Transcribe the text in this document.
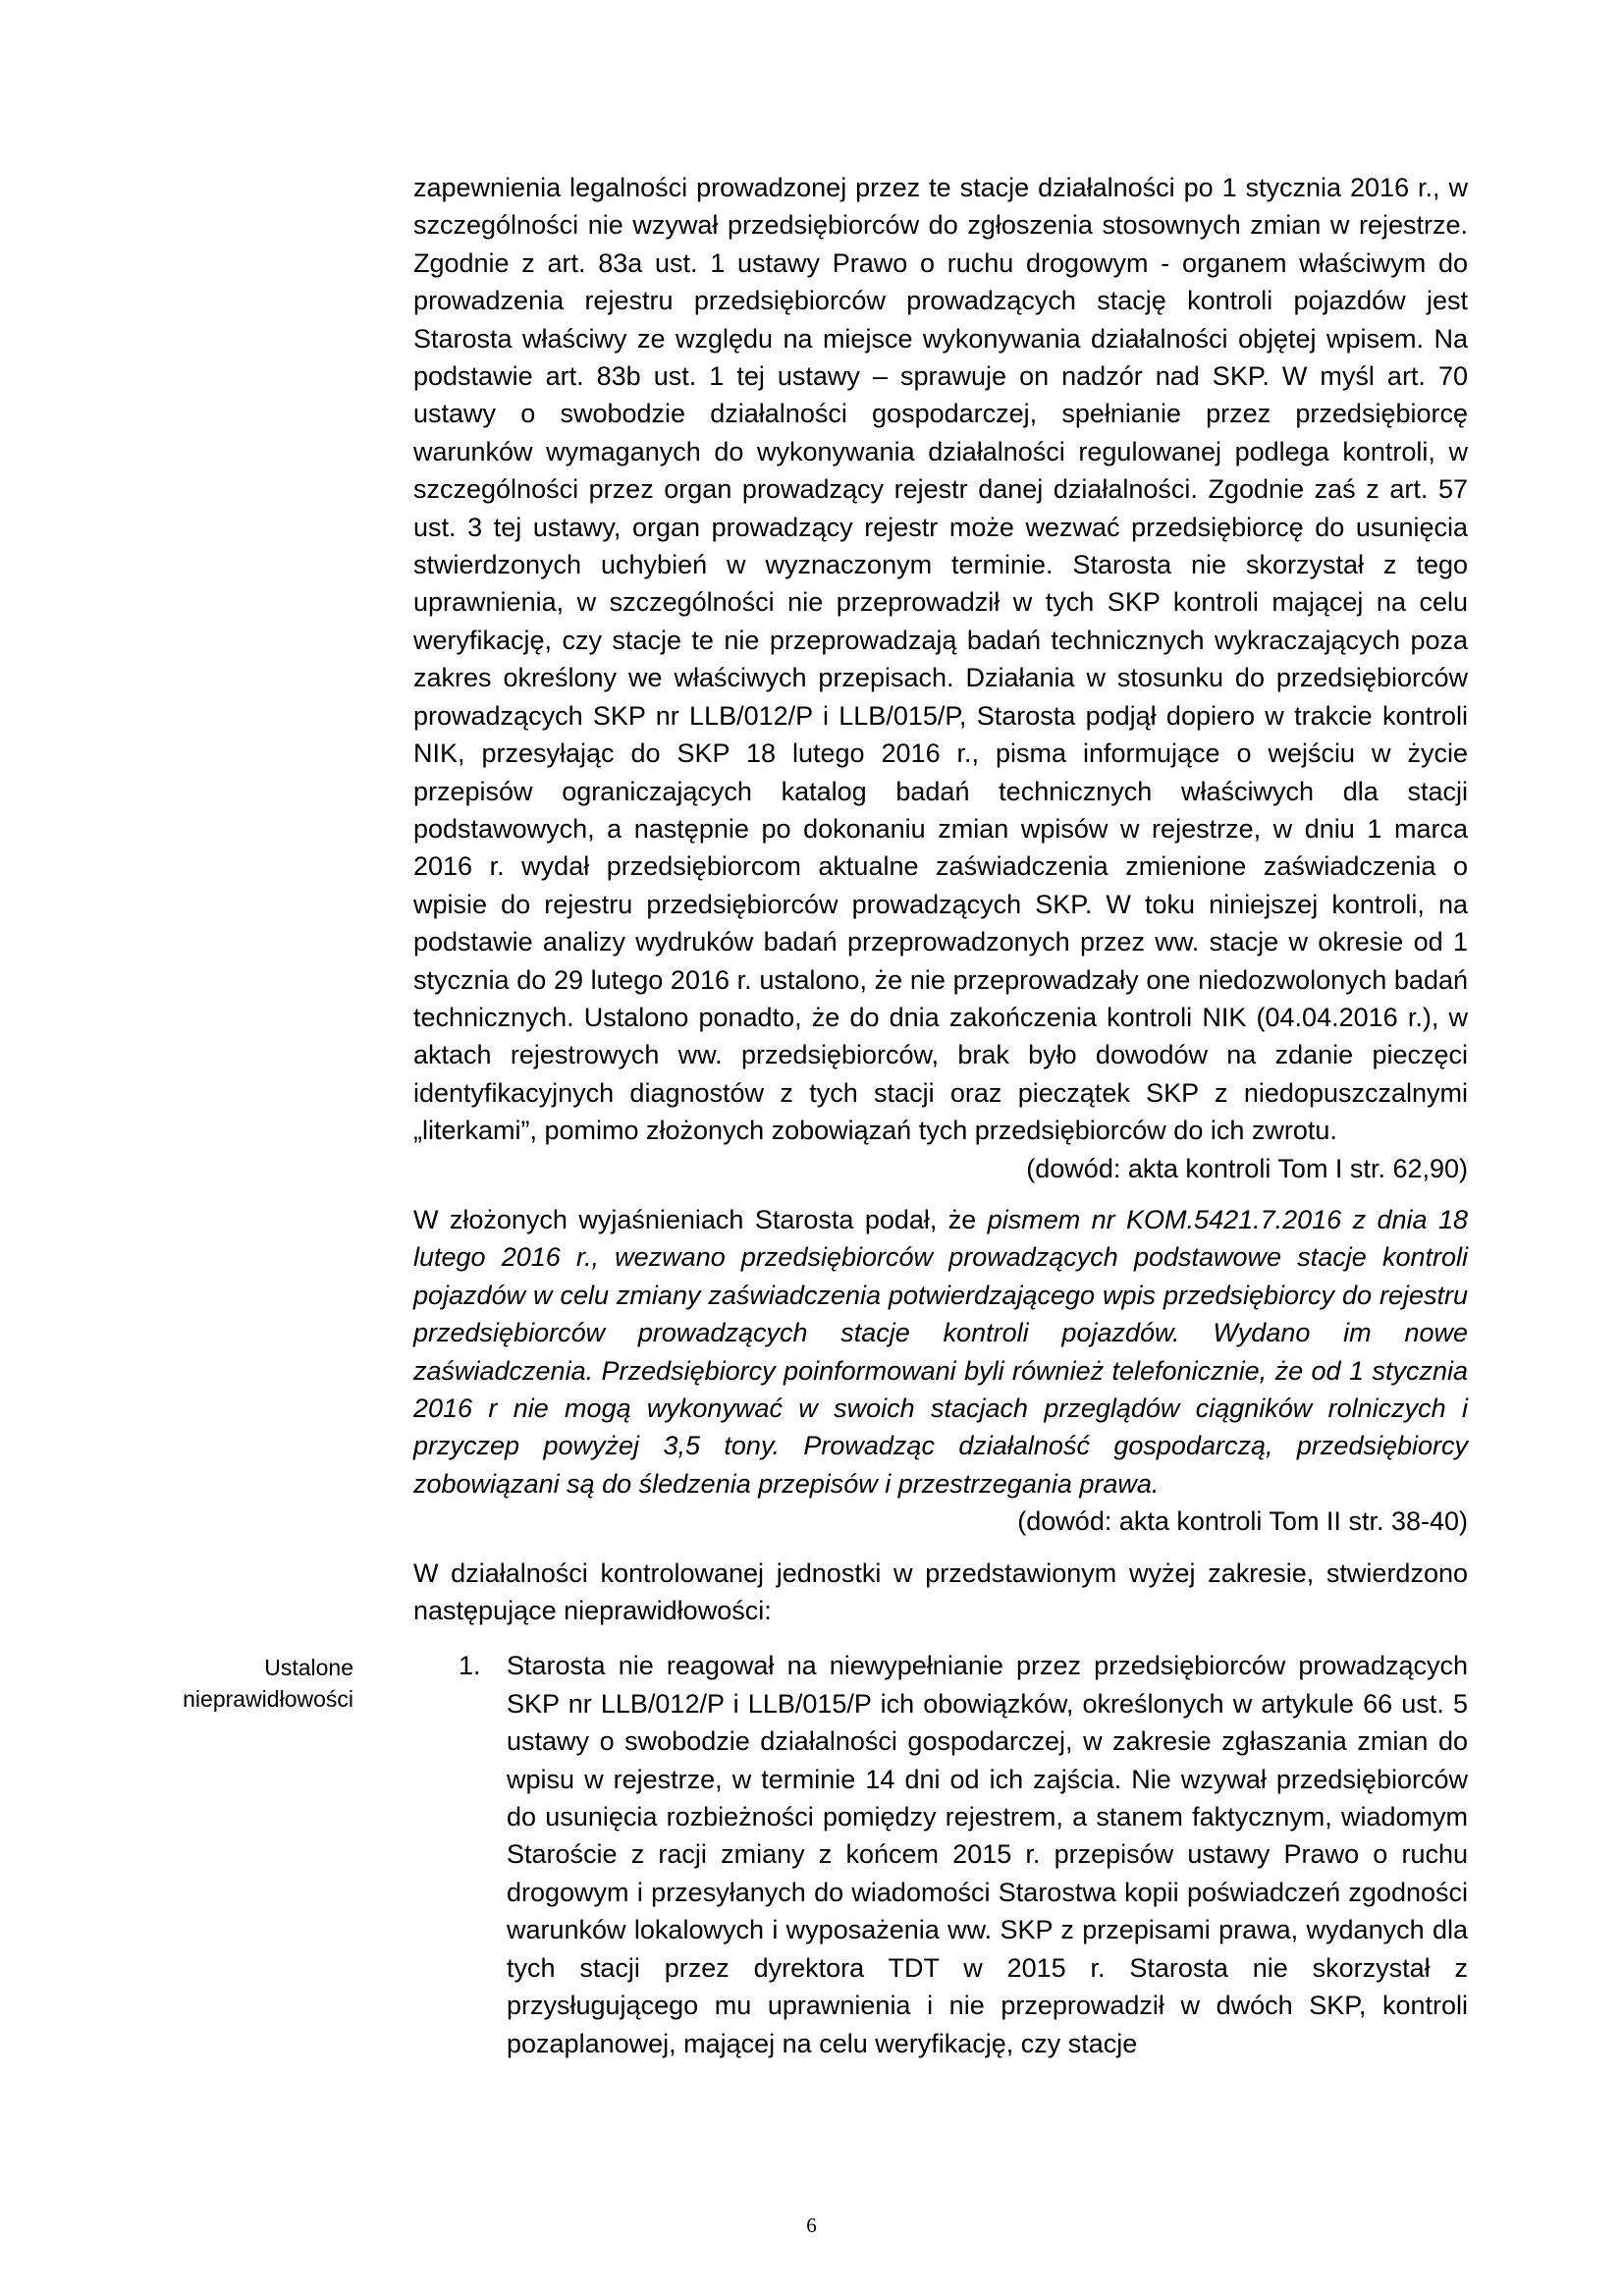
zapewnienia legalności prowadzonej przez te stacje działalności po 1 stycznia 2016 r., w szczególności nie wzywał przedsiębiorców do zgłoszenia stosownych zmian w rejestrze. Zgodnie z art. 83a ust. 1 ustawy Prawo o ruchu drogowym - organem właściwym do prowadzenia rejestru przedsiębiorców prowadzących stację kontroli pojazdów jest Starosta właściwy ze względu na miejsce wykonywania działalności objętej wpisem. Na podstawie art. 83b ust. 1 tej ustawy – sprawuje on nadzór nad SKP. W myśl art. 70 ustawy o swobodzie działalności gospodarczej, spełnianie przez przedsiębiorcę warunków wymaganych do wykonywania działalności regulowanej podlega kontroli, w szczególności przez organ prowadzący rejestr danej działalności. Zgodnie zaś z art. 57 ust. 3 tej ustawy, organ prowadzący rejestr może wezwać przedsiębiorcę do usunięcia stwierdzonych uchybień w wyznaczonym terminie. Starosta nie skorzystał z tego uprawnienia, w szczególności nie przeprowadził w tych SKP kontroli mającej na celu weryfikację, czy stacje te nie przeprowadzają badań technicznych wykraczających poza zakres określony we właściwych przepisach. Działania w stosunku do przedsiębiorców prowadzących SKP nr LLB/012/P i LLB/015/P, Starosta podjął dopiero w trakcie kontroli NIK, przesyłając do SKP 18 lutego 2016 r., pisma informujące o wejściu w życie przepisów ograniczających katalog badań technicznych właściwych dla stacji podstawowych, a następnie po dokonaniu zmian wpisów w rejestrze, w dniu 1 marca 2016 r. wydał przedsiębiorcom aktualne zaświadczenia zmienione zaświadczenia o wpisie do rejestru przedsiębiorców prowadzących SKP. W toku niniejszej kontroli, na podstawie analizy wydruków badań przeprowadzonych przez ww. stacje w okresie od 1 stycznia do 29 lutego 2016 r. ustalono, że nie przeprowadzały one niedozwolonych badań technicznych. Ustalono ponadto, że do dnia zakończenia kontroli NIK (04.04.2016 r.), w aktach rejestrowych ww. przedsiębiorców, brak było dowodów na zdanie pieczęci identyfikacyjnych diagnostów z tych stacji oraz pieczątek SKP z niedopuszczalnymi „literkami”, pomimo złożonych zobowiązań tych przedsiębiorców do ich zwrotu.

(dowód: akta kontroli Tom I str. 62,90)

W złożonych wyjaśnieniach Starosta podał, że pismem nr KOM.5421.7.2016 z dnia 18 lutego 2016 r., wezwano przedsiębiorców prowadzących podstawowe stacje kontroli pojazdów w celu zmiany zaświadczenia potwierdzającego wpis przedsiębiorcy do rejestru przedsiębiorców prowadzących stacje kontroli pojazdów. Wydano im nowe zaświadczenia. Przedsiębiorcy poinformowani byli również telefonicznie, że od 1 stycznia 2016 r nie mogą wykonywać w swoich stacjach przeglądów ciągników rolniczych i przyczep powyżej 3,5 tony. Prowadząc działalność gospodarczą, przedsiębiorcy zobowiązani są do śledzenia przepisów i przestrzegania prawa.

(dowód: akta kontroli Tom II str. 38-40)

W działalności kontrolowanej jednostki w przedstawionym wyżej zakresie, stwierdzono następujące nieprawidłowości:

1. Starosta nie reagował na niewypełnianie przez przedsiębiorców prowadzących SKP nr LLB/012/P i LLB/015/P ich obowiązków, określonych w artykule 66 ust. 5 ustawy o swobodzie działalności gospodarczej, w zakresie zgłaszania zmian do wpisu w rejestrze, w terminie 14 dni od ich zajścia. Nie wzywał przedsiębiorców do usunięcia rozbieżności pomiędzy rejestrem, a stanem faktycznym, wiadomym Staroście z racji zmiany z końcem 2015 r. przepisów ustawy Prawo o ruchu drogowym i przesyłanych do wiadomości Starostwa kopii poświadczeń zgodności warunków lokalowych i wyposażenia ww. SKP z przepisami prawa, wydanych dla tych stacji przez dyrektora TDT w 2015 r. Starosta nie skorzystał z przysługującego mu uprawnienia i nie przeprowadził w dwóch SKP, kontroli pozaplanowej, mającej na celu weryfikację, czy stacje
Ustalone nieprawidłowości
6
